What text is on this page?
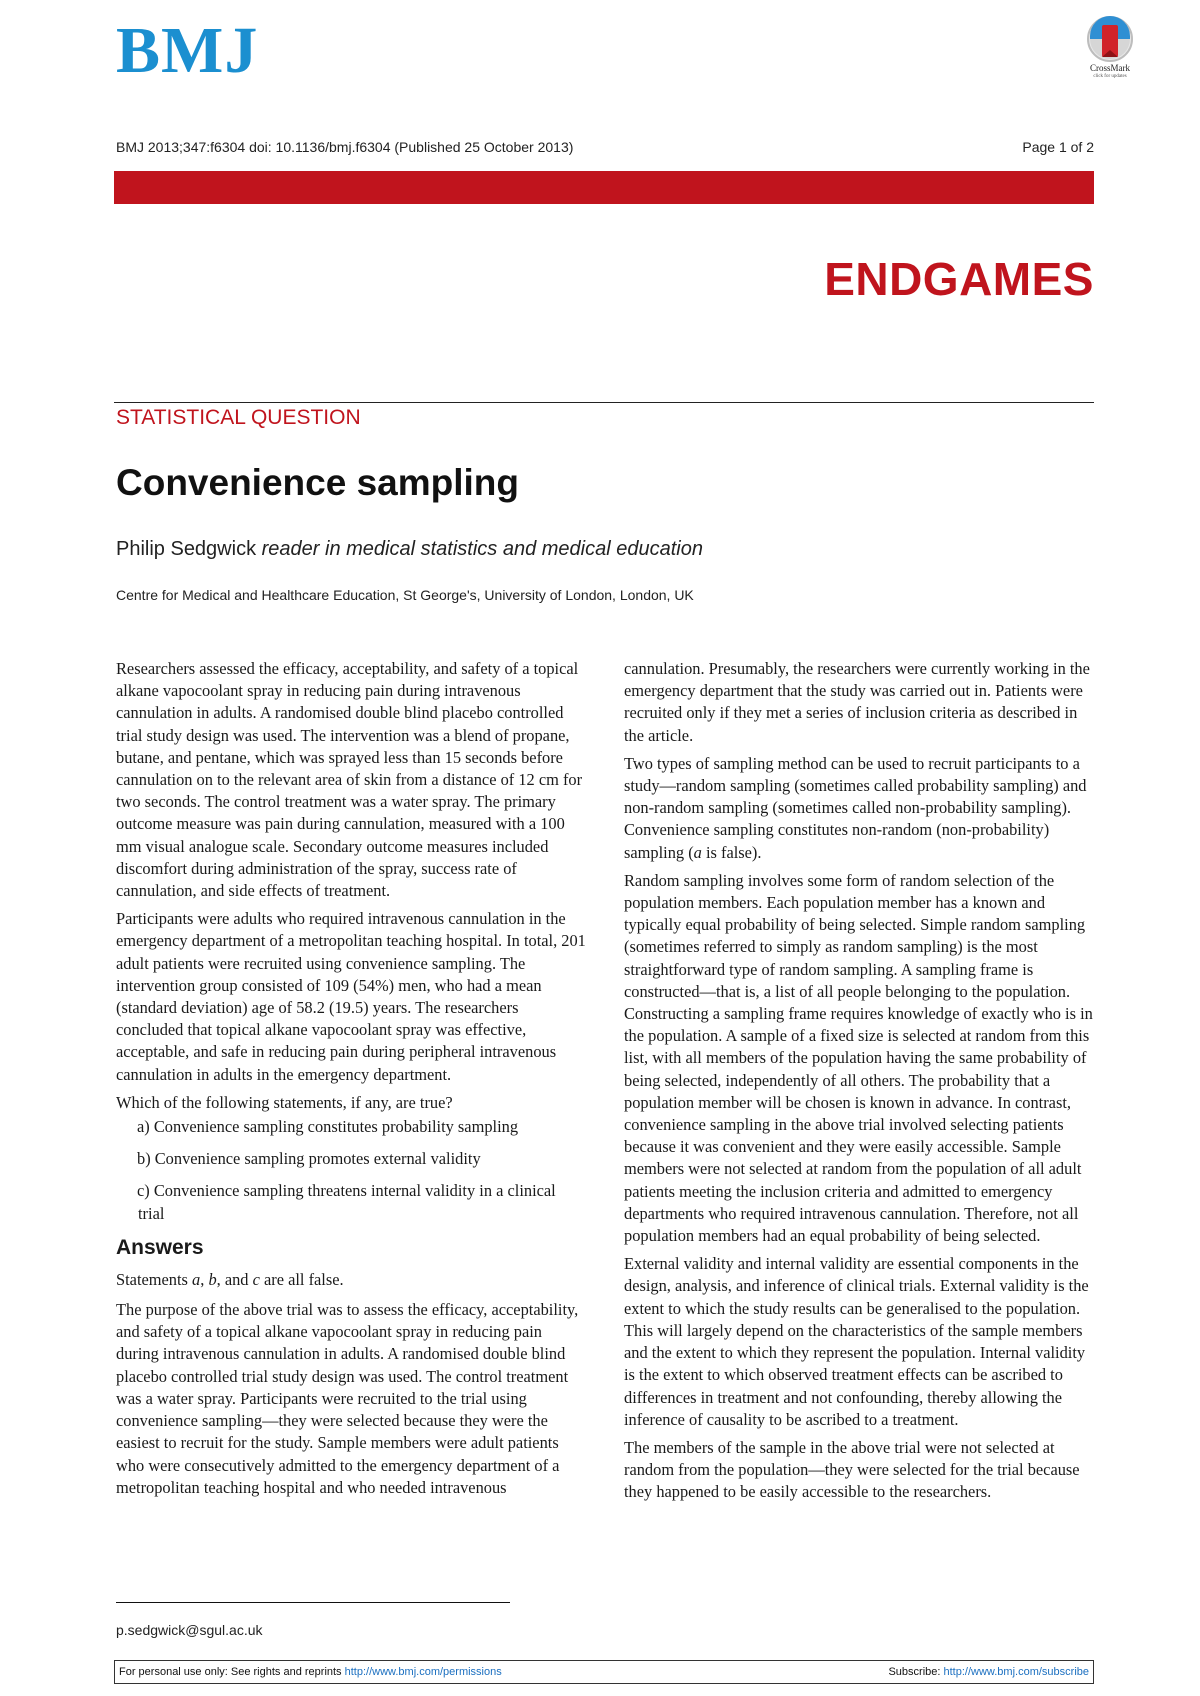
BMJ	CrossMark
click for updates
BMJ 2013;347:f6304 doi: 10.1136/bmj.f6304 (Published 25 October 2013)	Page 1 of 2
ENDGAMES
STATISTICAL QUESTION
Convenience sampling
Philip Sedgwick reader in medical statistics and medical education
Centre for Medical and Healthcare Education, St George's, University of London, London, UK

Researchers assessed the efficacy, acceptability, and safety of a topical alkane vapocoolant spray in reducing pain during intravenous cannulation in adults. A randomised double blind placebo controlled trial study design was used. The intervention was a blend of propane, butane, and pentane, which was sprayed less than 15 seconds before cannulation on to the relevant area of skin from a distance of 12 cm for two seconds. The control treatment was a water spray. The primary outcome measure was pain during cannulation, measured with a 100 mm visual analogue scale. Secondary outcome measures included discomfort during administration of the spray, success rate of cannulation, and side effects of treatment.

Participants were adults who required intravenous cannulation in the emergency department of a metropolitan teaching hospital. In total, 201 adult patients were recruited using convenience sampling. The intervention group consisted of 109 (54%) men, who had a mean (standard deviation) age of 58.2 (19.5) years. The researchers concluded that topical alkane vapocoolant spray was effective, acceptable, and safe in reducing pain during peripheral intravenous cannulation in adults in the emergency department.

Which of the following statements, if any, are true?

a) Convenience sampling constitutes probability sampling

b) Convenience sampling promotes external validity

c) Convenience sampling threatens internal validity in a clinical trial

Answers

Statements a, b, and c are all false.

The purpose of the above trial was to assess the efficacy, acceptability, and safety of a topical alkane vapocoolant spray in reducing pain during intravenous cannulation in adults. A randomised double blind placebo controlled trial study design was used. The control treatment was a water spray. Participants were recruited to the trial using convenience sampling—they were selected because they were the easiest to recruit for the study. Sample members were adult patients who were consecutively admitted to the emergency department of a metropolitan teaching hospital and who needed intravenous

cannulation. Presumably, the researchers were currently working in the emergency department that the study was carried out in. Patients were recruited only if they met a series of inclusion criteria as described in the article.

Two types of sampling method can be used to recruit participants to a study—random sampling (sometimes called probability sampling) and non-random sampling (sometimes called non-probability sampling). Convenience sampling constitutes non-random (non-probability) sampling (a is false).

Random sampling involves some form of random selection of the population members. Each population member has a known and typically equal probability of being selected. Simple random sampling (sometimes referred to simply as random sampling) is the most straightforward type of random sampling. A sampling frame is constructed—that is, a list of all people belonging to the population. Constructing a sampling frame requires knowledge of exactly who is in the population. A sample of a fixed size is selected at random from this list, with all members of the population having the same probability of being selected, independently of all others. The probability that a population member will be chosen is known in advance. In contrast, convenience sampling in the above trial involved selecting patients because it was convenient and they were easily accessible. Sample members were not selected at random from the population of all adult patients meeting the inclusion criteria and admitted to emergency departments who required intravenous cannulation. Therefore, not all population members had an equal probability of being selected.

External validity and internal validity are essential components in the design, analysis, and inference of clinical trials. External validity is the extent to which the study results can be generalised to the population. This will largely depend on the characteristics of the sample members and the extent to which they represent the population. Internal validity is the extent to which observed treatment effects can be ascribed to differences in treatment and not confounding, thereby allowing the inference of causality to be ascribed to a treatment.

The members of the sample in the above trial were not selected at random from the population—they were selected for the trial because they happened to be easily accessible to the researchers.

p.sedgwick@sgul.ac.uk
For personal use only: See rights and reprints http://www.bmj.com/permissions	Subscribe: http://www.bmj.com/subscribe
